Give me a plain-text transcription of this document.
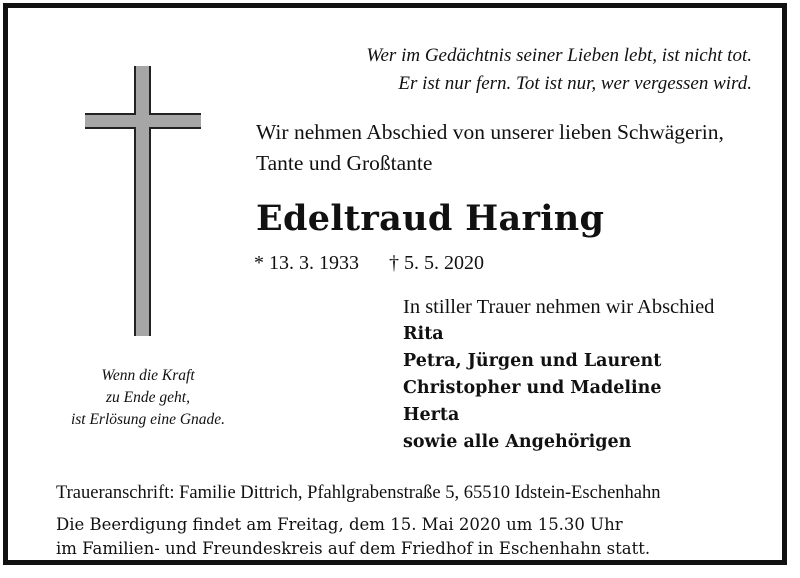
Wer im Gedächtnis seiner Lieben lebt, ist nicht tot.
Er ist nur fern. Tot ist nur, wer vergessen wird.

Wir nehmen Abschied von unserer lieben Schwägerin,
Tante und Großtante

Edeltraud Haring
* 13. 3. 1933 † 5. 5. 2020
In stiller Trauer nehmen wir Abschied
Rita
Petra, Jürgen und Laurent
Christopher und Madeline
Herta
sowie alle Angehörigen

Wenn die Kraft
zu Ende geht,
ist Erlösung eine Gnade.

Traueranschrift: Familie Dittrich, Pfahlgrabenstraße 5, 65510 Idstein-Eschenhahn

Die Beerdigung findet am Freitag, dem 15. Mai 2020 um 15.30 Uhr
im Familien- und Freundeskreis auf dem Friedhof in Eschenhahn statt.
